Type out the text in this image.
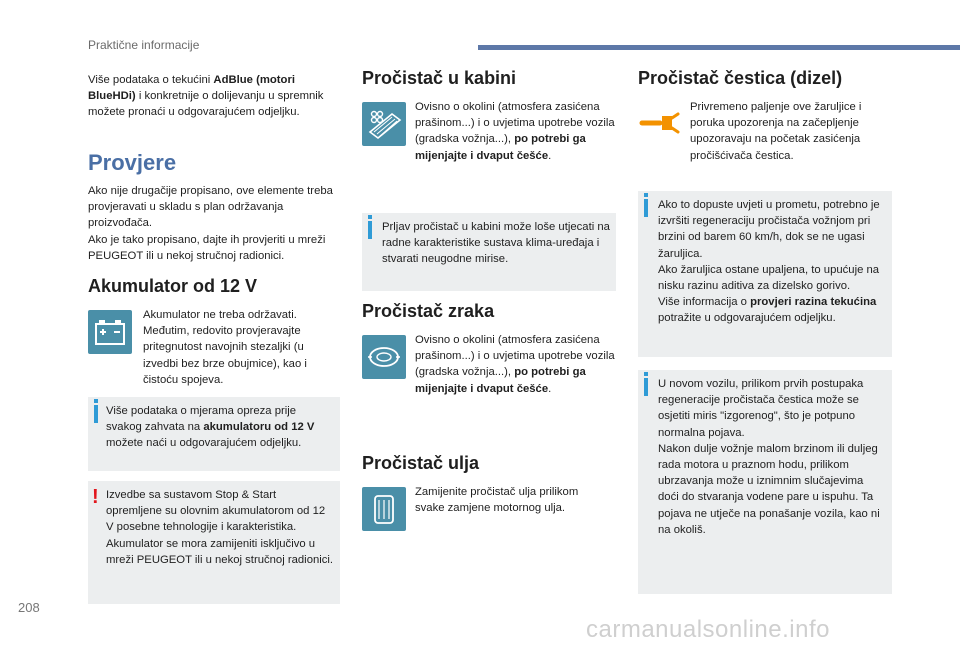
Praktične informacije

Više podataka o tekućini AdBlue (motori BlueHDi) i konkretnije o dolijevanju u spremnik možete pronaći u odgovarajućem odjeljku.

Provjere

Ako nije drugačije propisano, ove elemente treba provjeravati u skladu s plan održavanja proizvođača.
Ako je tako propisano, dajte ih provjeriti u mreži PEUGEOT ili u nekoj stručnoj radionici.

Akumulator od 12 V

Akumulator ne treba održavati.
Međutim, redovito provjeravajte pritegnutost navojnih stezaljki (u izvedbi bez brze obujmice), kao i čistoću spojeva.

Više podataka o mjerama opreza prije svakog zahvata na akumulatoru od 12 V možete naći u odgovarajućem odjeljku.

! Izvedbe sa sustavom Stop & Start opremljene su olovnim akumulatorom od 12 V posebne tehnologije i karakteristika. Akumulator se mora zamijeniti isključivo u mreži PEUGEOT ili u nekoj stručnoj radionici.

Pročistač u kabini

Ovisno o okolini (atmosfera zasićena prašinom...) i o uvjetima upotrebe vozila (gradska vožnja...), po potrebi ga mijenjajte i dvaput češće.

Prljav pročistač u kabini može loše utjecati na radne karakteristike sustava klima-uređaja i stvarati neugodne mirise.

Pročistač zraka

Ovisno o okolini (atmosfera zasićena prašinom...) i o uvjetima upotrebe vozila (gradska vožnja...), po potrebi ga mijenjajte i dvaput češće.

Pročistač ulja

Zamijenite pročistač ulja prilikom svake zamjene motornog ulja.

Pročistač čestica (dizel)

Privremeno paljenje ove žaruljice i poruka upozorenja na začepljenje upozoravaju na početak zasićenja pročišćivača čestica.

Ako to dopuste uvjeti u prometu, potrebno je izvršiti regeneraciju pročistača vožnjom pri brzini od barem 60 km/h, dok se ne ugasi žaruljica.
Ako žaruljica ostane upaljena, to upućuje na nisku razinu aditiva za dizelsko gorivo.
Više informacija o provjeri razina tekućina potražite u odgovarajućem odjeljku.

U novom vozilu, prilikom prvih postupaka regeneracije pročistača čestica može se osjetiti miris "izgorenog", što je potpuno normalna pojava.
Nakon dulje vožnje malom brzinom ili duljeg rada motora u praznom hodu, prilikom ubrzavanja može u iznimnim slučajevima doći do stvaranja vodene pare u ispuhu. Ta pojava ne utječe na ponašanje vozila, kao ni na okoliš.

208
carmanualsonline.info
